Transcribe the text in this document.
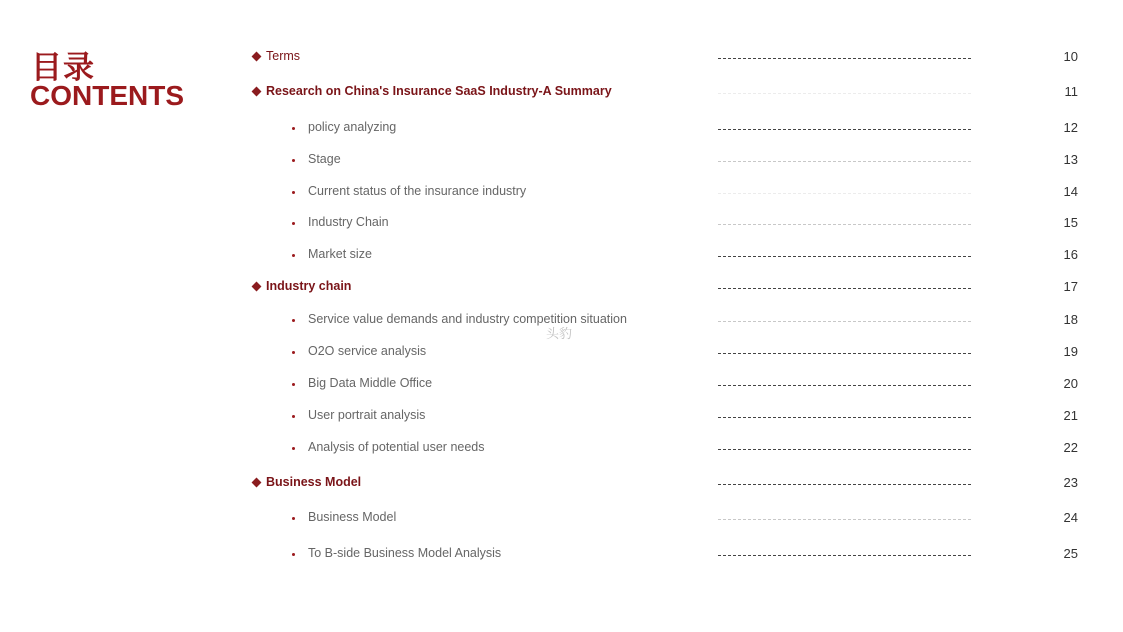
目录
CONTENTS
Terms	10
Research on China's Insurance SaaS Industry-A Summary	11
policy analyzing	12
Stage	13
Current status of the insurance industry	14
Industry Chain	15
Market size	16
Industry chain	17
Service value demands and industry competition situation	18
O2O service analysis	19
Big Data Middle Office	20
User portrait analysis	21
Analysis of potential user needs	22
Business Model	23
Business Model	24
To B-side Business Model Analysis	25
头豹
